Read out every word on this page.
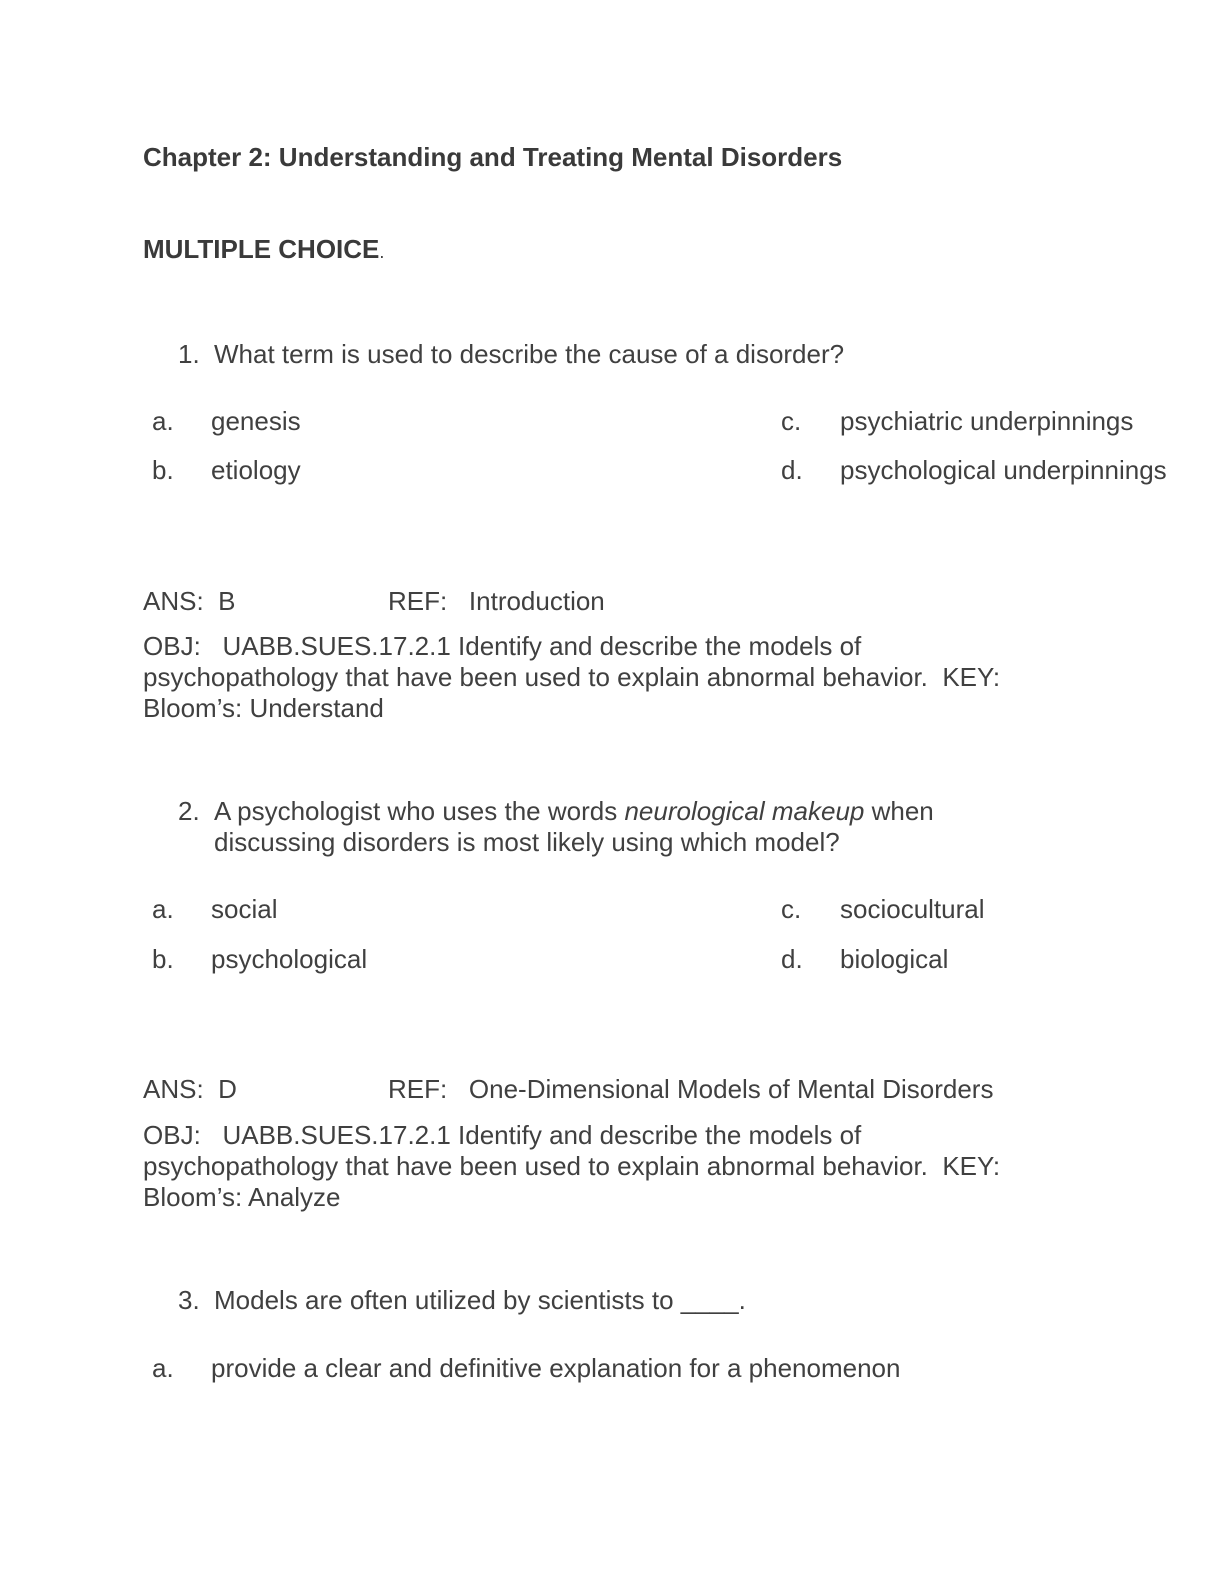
Chapter 2: Understanding and Treating Mental Disorders
MULTIPLE CHOICE.
1. What term is used to describe the cause of a disorder?
a. genesis
b. etiology
c. psychiatric underpinnings
d. psychological underpinnings
ANS: B	REF: Introduction
OBJ: UABB.SUES.17.2.1 Identify and describe the models of psychopathology that have been used to explain abnormal behavior. KEY: Bloom’s: Understand
2. A psychologist who uses the words neurological makeup when discussing disorders is most likely using which model?
a. social
b. psychological
c. sociocultural
d. biological
ANS: D	REF: One-Dimensional Models of Mental Disorders
OBJ: UABB.SUES.17.2.1 Identify and describe the models of psychopathology that have been used to explain abnormal behavior. KEY: Bloom’s: Analyze
3. Models are often utilized by scientists to ____.
a. provide a clear and definitive explanation for a phenomenon
